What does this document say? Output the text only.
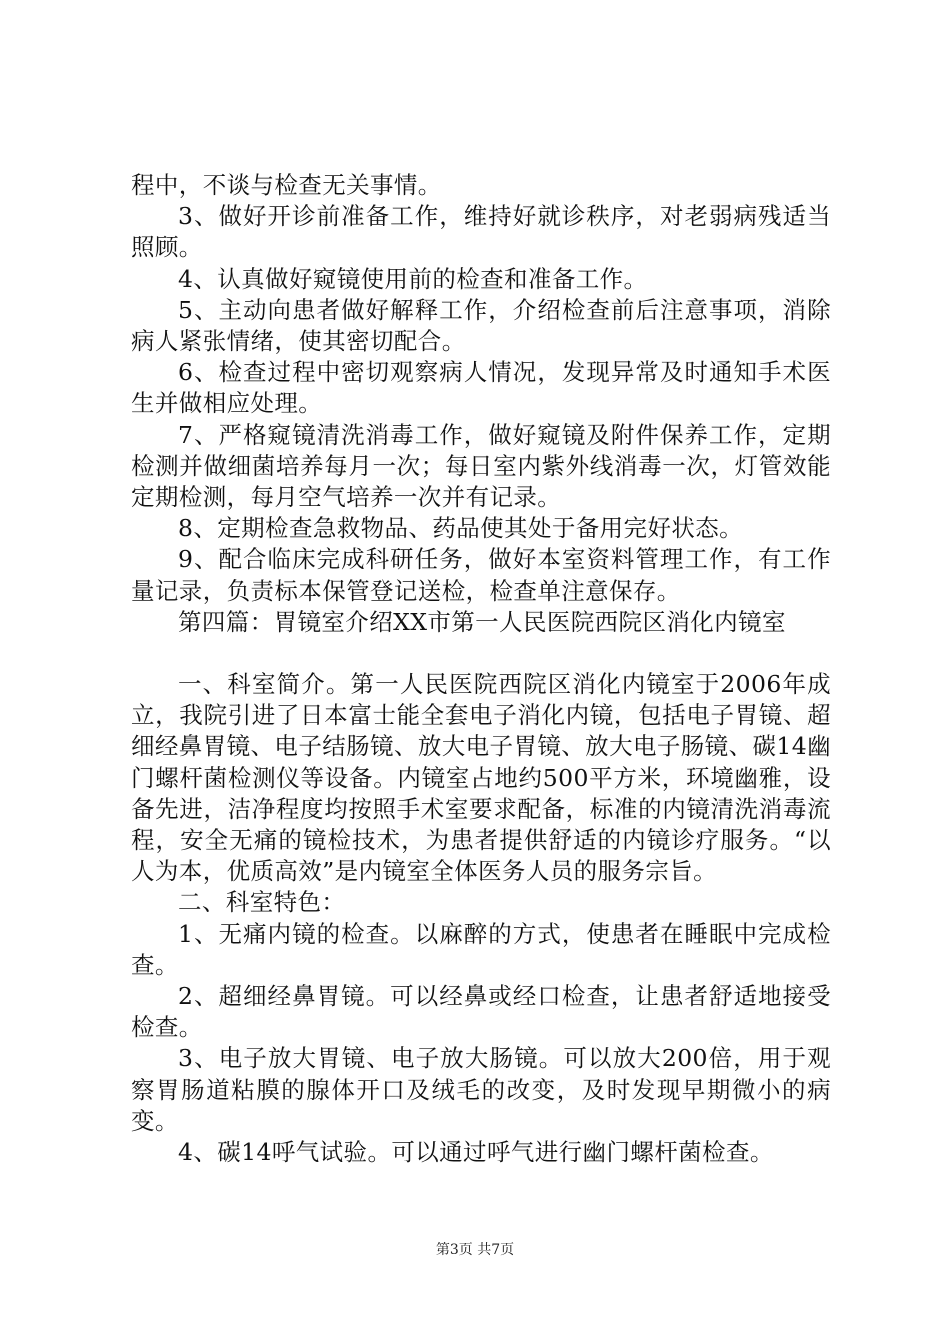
程中，不谈与检查无关事情。

3、做好开诊前准备工作，维持好就诊秩序，对老弱病残适当照顾。

4、认真做好窥镜使用前的检查和准备工作。

5、主动向患者做好解释工作，介绍检查前后注意事项，消除病人紧张情绪，使其密切配合。

6、检查过程中密切观察病人情况，发现异常及时通知手术医生并做相应处理。

7、严格窥镜清洗消毒工作，做好窥镜及附件保养工作，定期检测并做细菌培养每月一次；每日室内紫外线消毒一次，灯管效能定期检测，每月空气培养一次并有记录。

8、定期检查急救物品、药品使其处于备用完好状态。

9、配合临床完成科研任务，做好本室资料管理工作，有工作量记录，负责标本保管登记送检，检查单注意保存。

第四篇：胃镜室介绍XX市第一人民医院西院区消化内镜室

一、科室简介。第一人民医院西院区消化内镜室于2006年成立，我院引进了日本富士能全套电子消化内镜，包括电子胃镜、超细经鼻胃镜、电子结肠镜、放大电子胃镜、放大电子肠镜、碳14幽门螺杆菌检测仪等设备。内镜室占地约500平方米，环境幽雅，设备先进，洁净程度均按照手术室要求配备，标准的内镜清洗消毒流程，安全无痛的镜检技术，为患者提供舒适的内镜诊疗服务。“以人为本，优质高效”是内镜室全体医务人员的服务宗旨。

二、科室特色：

1、无痛内镜的检查。以麻醉的方式，使患者在睡眠中完成检查。

2、超细经鼻胃镜。可以经鼻或经口检查，让患者舒适地接受检查。

3、电子放大胃镜、电子放大肠镜。可以放大200倍，用于观察胃肠道粘膜的腺体开口及绒毛的改变，及时发现早期微小的病变。

4、碳14呼气试验。可以通过呼气进行幽门螺杆菌检查。

第3页 共7页
